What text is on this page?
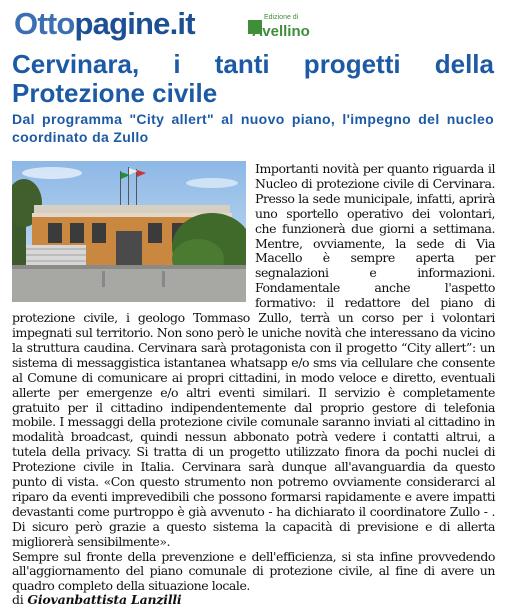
Ottopagine.it	Edizione di
Avellino
Cervinara, i tanti progetti della Protezione civile
Dal programma "City allert" al nuovo piano, l'impegno del nucleo coordinato da Zullo

Importanti novità per quanto riguarda il Nucleo di protezione civile di Cervinara. Presso la sede municipale, infatti, aprirà uno sportello operativo dei volontari, che funzionerà due giorni a settimana. Mentre, ovviamente, la sede di Via Macello è sempre aperta per segnalazioni e informazioni. Fondamentale anche l'aspetto formativo: il redattore del piano di protezione civile, i geologo Tommaso Zullo, terrà un corso per i volontari impegnati sul territorio. Non sono però le uniche novità che interessano da vicino la struttura caudina. Cervinara sarà protagonista con il progetto “City allert”: un sistema di messaggistica istantanea whatsapp e/o sms via cellulare che consente al Comune di comunicare ai propri cittadini, in modo veloce e diretto, eventuali allerte per emergenze e/o altri eventi similari. Il servizio è completamente gratuito per il cittadino indipendentemente dal proprio gestore di telefonia mobile. I messaggi della protezione civile comunale saranno inviati al cittadino in modalità broadcast, quindi nessun abbonato potrà vedere i contatti altrui, a tutela della privacy. Si tratta di un progetto utilizzato finora da pochi nuclei di Protezione civile in Italia. Cervinara sarà dunque all'avanguardia da questo punto di vista. «Con questo strumento non potremo ovviamente considerarci al riparo da eventi imprevedibili che possono formarsi rapidamente e avere impatti devastanti come purtroppo è già avvenuto - ha dichiarato il coordinatore Zullo - . Di sicuro però grazie a questo sistema la capacità di previsione e di allerta migliorerà sensibilmente».

Sempre sul fronte della prevenzione e dell'efficienza, si sta infine provvedendo all'aggiornamento del piano comunale di protezione civile, al fine di avere un quadro completo della situazione locale.

di Giovanbattista Lanzilli
